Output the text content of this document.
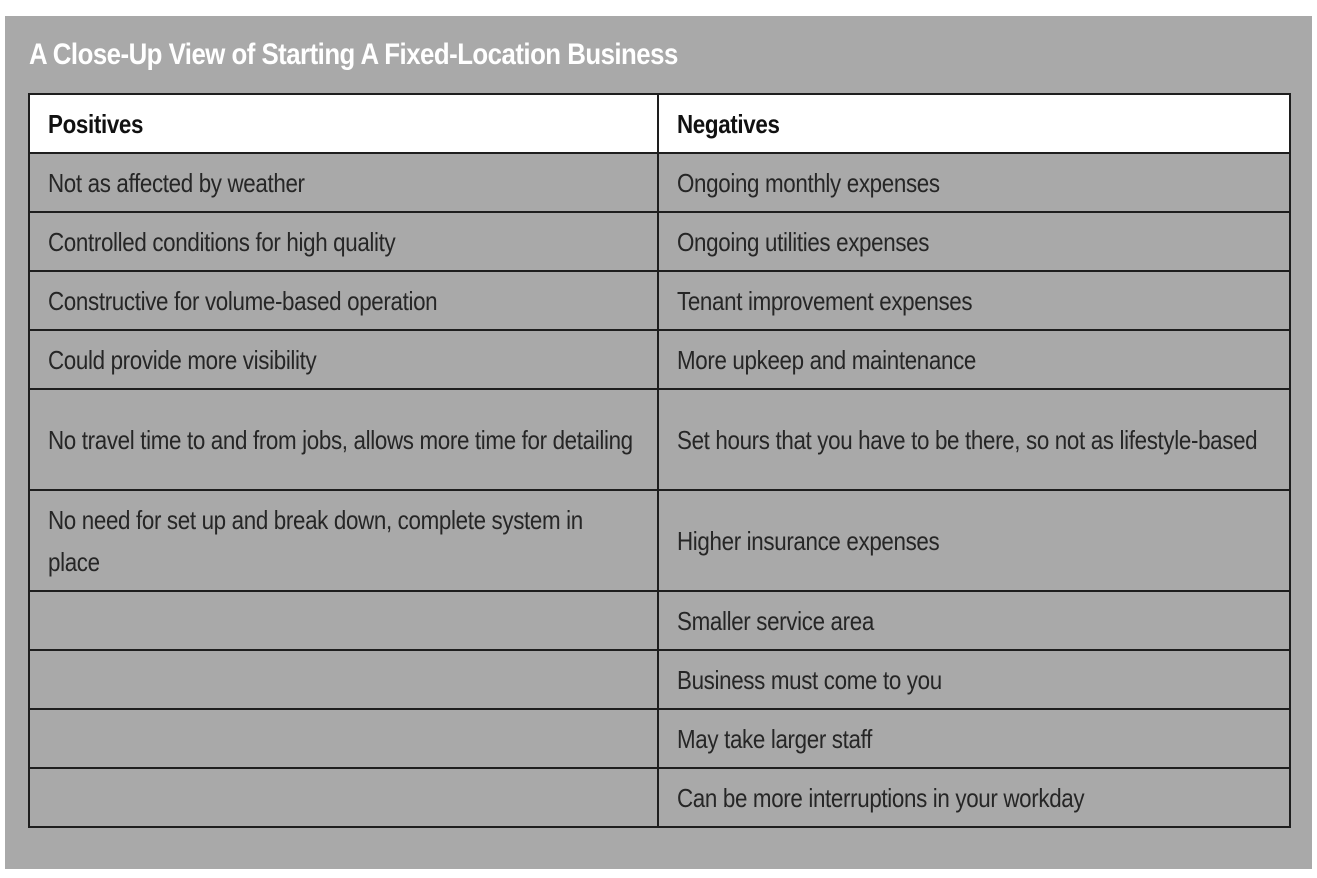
A Close-Up View of Starting A Fixed-Location Business
Positives	Negatives
Not as affected by weather	Ongoing monthly expenses
Controlled conditions for high quality	Ongoing utilities expenses
Constructive for volume-based operation	Tenant improvement expenses
Could provide more visibility	More upkeep and maintenance
No travel time to and from jobs, allows more time for detailing	Set hours that you have to be there, so not as lifestyle-based
No need for set up and break down, complete system in place	Higher insurance expenses
	Smaller service area
	Business must come to you
	May take larger staff
	Can be more interruptions in your workday
